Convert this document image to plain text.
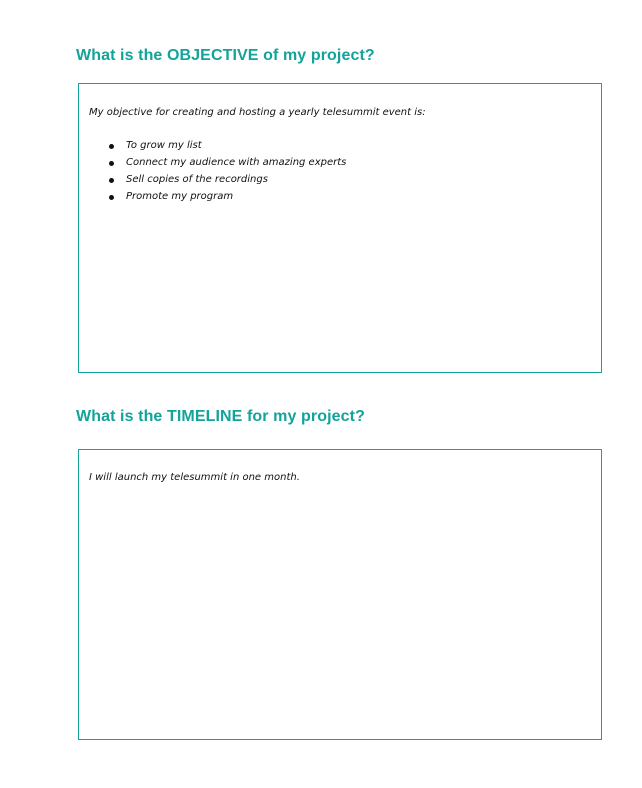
What is the OBJECTIVE of my project?

My objective for creating and hosting a yearly telesummit event is:

To grow my list
Connect my audience with amazing experts
Sell copies of the recordings
Promote my program
What is the TIMELINE for my project?

I will launch my telesummit in one month.
